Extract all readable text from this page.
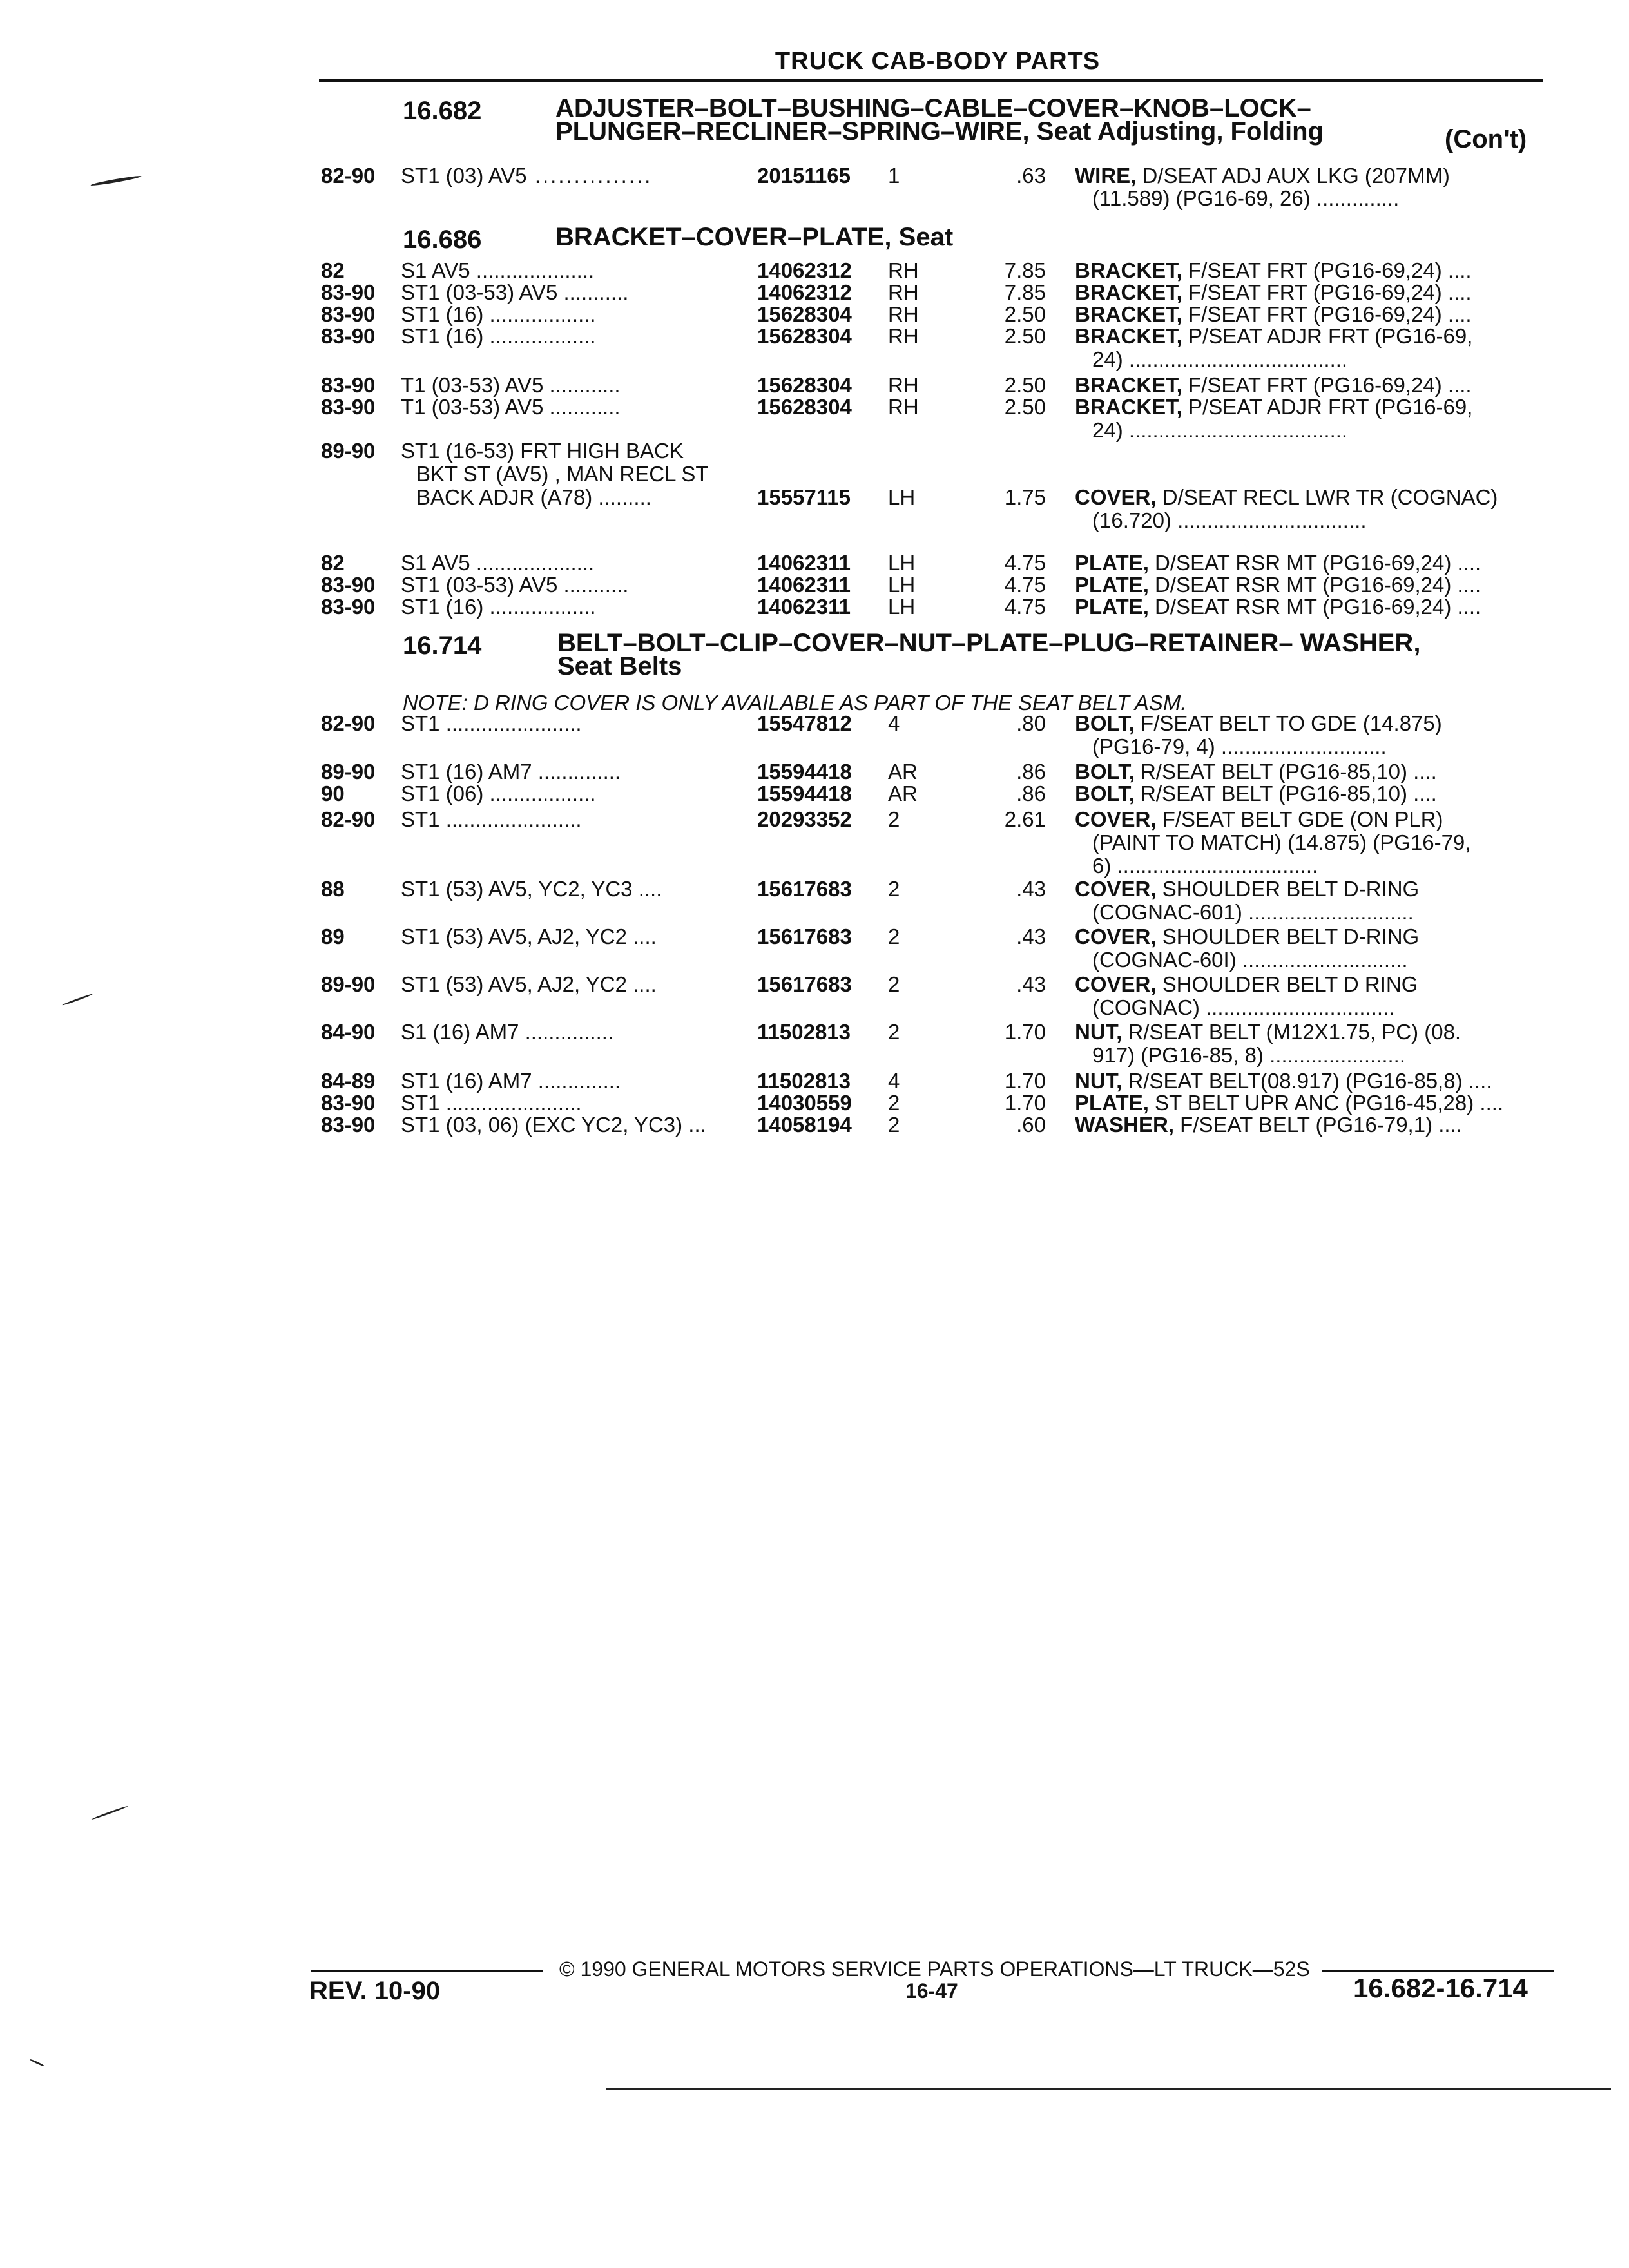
TRUCK CAB-BODY PARTS
16.682	ADJUSTER–BOLT–BUSHING–CABLE–COVER–KNOB–LOCK–
PLUNGER–RECLINER–SPRING–WIRE, Seat Adjusting, Folding	(Con't)
82-90 ST1 (03) AV5 ...............	20151165 1	.63 WIRE, D/SEAT ADJ AUX LKG (207MM)
(11.589) (PG16-69, 26) ..............
16.686	BRACKET–COVER–PLATE, Seat
82	S1 AV5 ....................	14062312 RH	7.85 BRACKET, F/SEAT FRT (PG16-69,24) ....
83-90 ST1 (03-53) AV5 ...........	14062312 RH	7.85 BRACKET, F/SEAT FRT (PG16-69,24) ....
83-90 ST1 (16) ..................	15628304 RH	2.50 BRACKET, F/SEAT FRT (PG16-69,24) ....
83-90 ST1 (16) ..................	15628304 RH	2.50 BRACKET, P/SEAT ADJR FRT (PG16-69,
24) .....................................
83-90 T1 (03-53) AV5 ............	15628304 RH	2.50 BRACKET, F/SEAT FRT (PG16-69,24) ....
83-90 T1 (03-53) AV5 ............	15628304 RH	2.50 BRACKET, P/SEAT ADJR FRT (PG16-69,
24) .....................................
89-90 ST1 (16-53) FRT HIGH BACK
BKT ST (AV5) , MAN RECL ST
BACK ADJR (A78) .........	15557115 LH	1.75 COVER, D/SEAT RECL LWR TR (COGNAC)
(16.720) ................................
82	S1 AV5 ....................	14062311 LH	4.75 PLATE, D/SEAT RSR MT (PG16-69,24) ....
83-90 ST1 (03-53) AV5 ...........	14062311 LH	4.75 PLATE, D/SEAT RSR MT (PG16-69,24) ....
83-90 ST1 (16) ..................	14062311 LH	4.75 PLATE, D/SEAT RSR MT (PG16-69,24) ....
16.714	BELT–BOLT–CLIP–COVER–NUT–PLATE–PLUG–RETAINER– WASHER,
Seat Belts
NOTE: D RING COVER IS ONLY AVAILABLE AS PART OF THE SEAT BELT ASM.
82-90 ST1 .......................	15547812 4	.80 BOLT, F/SEAT BELT TO GDE (14.875)
(PG16-79, 4) ............................
89-90 ST1 (16) AM7 ..............	15594418 AR	.86 BOLT, R/SEAT BELT (PG16-85,10) ....
90	ST1 (06) ..................	15594418 AR	.86 BOLT, R/SEAT BELT (PG16-85,10) ....
82-90 ST1 .......................	20293352 2	2.61 COVER, F/SEAT BELT GDE (ON PLR)
(PAINT TO MATCH) (14.875) (PG16-79,
6) ..................................
88	ST1 (53) AV5, YC2, YC3 ....	15617683 2	.43 COVER, SHOULDER BELT D-RING
(COGNAC-601) ............................
89	ST1 (53) AV5, AJ2, YC2 ....	15617683 2	.43 COVER, SHOULDER BELT D-RING
(COGNAC-60I) ............................
89-90 ST1 (53) AV5, AJ2, YC2 ....	15617683 2	.43 COVER, SHOULDER BELT D RING
(COGNAC) ................................
84-90 S1 (16) AM7 ...............	11502813 2	1.70 NUT, R/SEAT BELT (M12X1.75, PC) (08.
917) (PG16-85, 8) .......................
84-89 ST1 (16) AM7 ..............	11502813 4	1.70 NUT, R/SEAT BELT(08.917) (PG16-85,8) ....
83-90 ST1 .......................	14030559 2	1.70 PLATE, ST BELT UPR ANC (PG16-45,28) ....
83-90 ST1 (03, 06) (EXC YC2, YC3) ... 14058194 2	.60 WASHER, F/SEAT BELT (PG16-79,1) ....
© 1990 GENERAL MOTORS SERVICE PARTS OPERATIONS—LT TRUCK—52S
REV. 10-90	16-47	16.682-16.714
